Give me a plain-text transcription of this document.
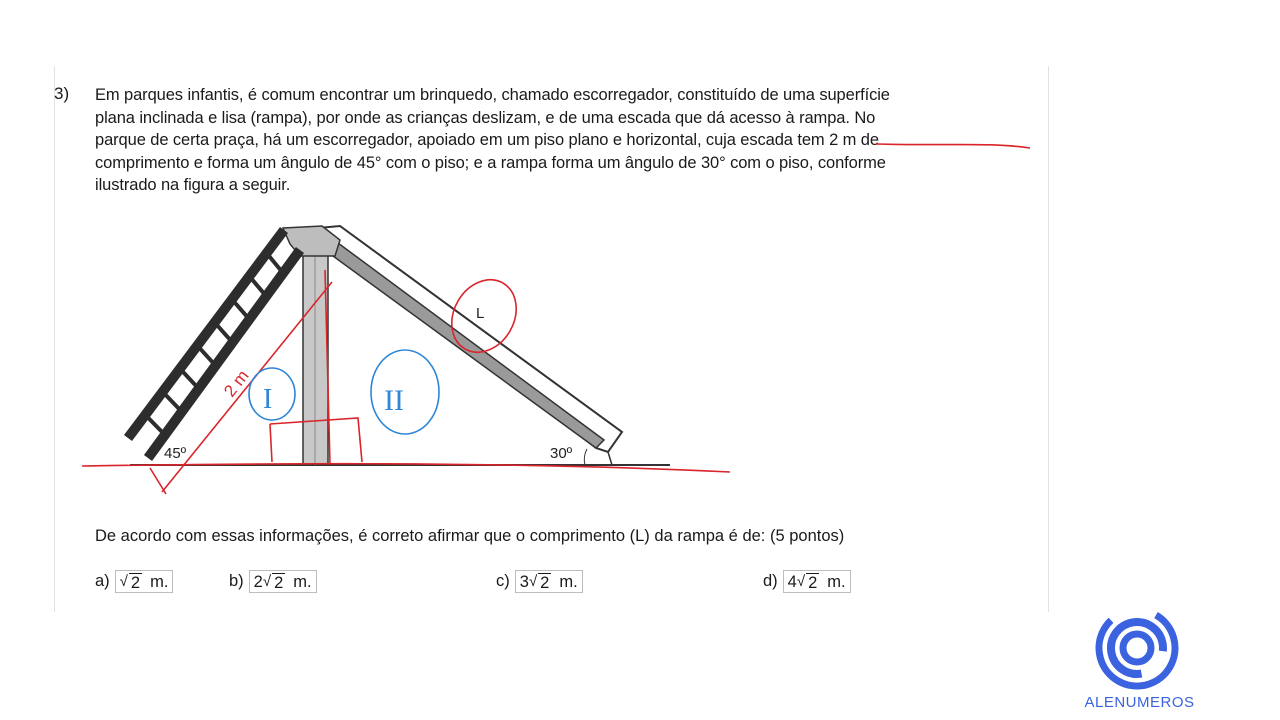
3) Em parques infantis, é comum encontrar um brinquedo, chamado escorregador, constituído de uma superfície
plana inclinada e lisa (rampa), por onde as crianças deslizam, e de uma escada que dá acesso à rampa. No
parque de certa praça, há um escorregador, apoiado em um piso plano e horizontal, cuja escada tem 2 m de
comprimento e forma um ângulo de 45° com o piso; e a rampa forma um ângulo de 30° com o piso, conforme
ilustrado na figura a seguir.
30º
45º
L
2 m I	II
De acordo com essas informações, é correto afirmar que o comprimento (L) da rampa é de: (5 pontos)
a) √ 2 m.	b) 2 √ 2 m.	c) 3 √ 2 m.	d) 4 √ 2 m.
ALENUMEROS
